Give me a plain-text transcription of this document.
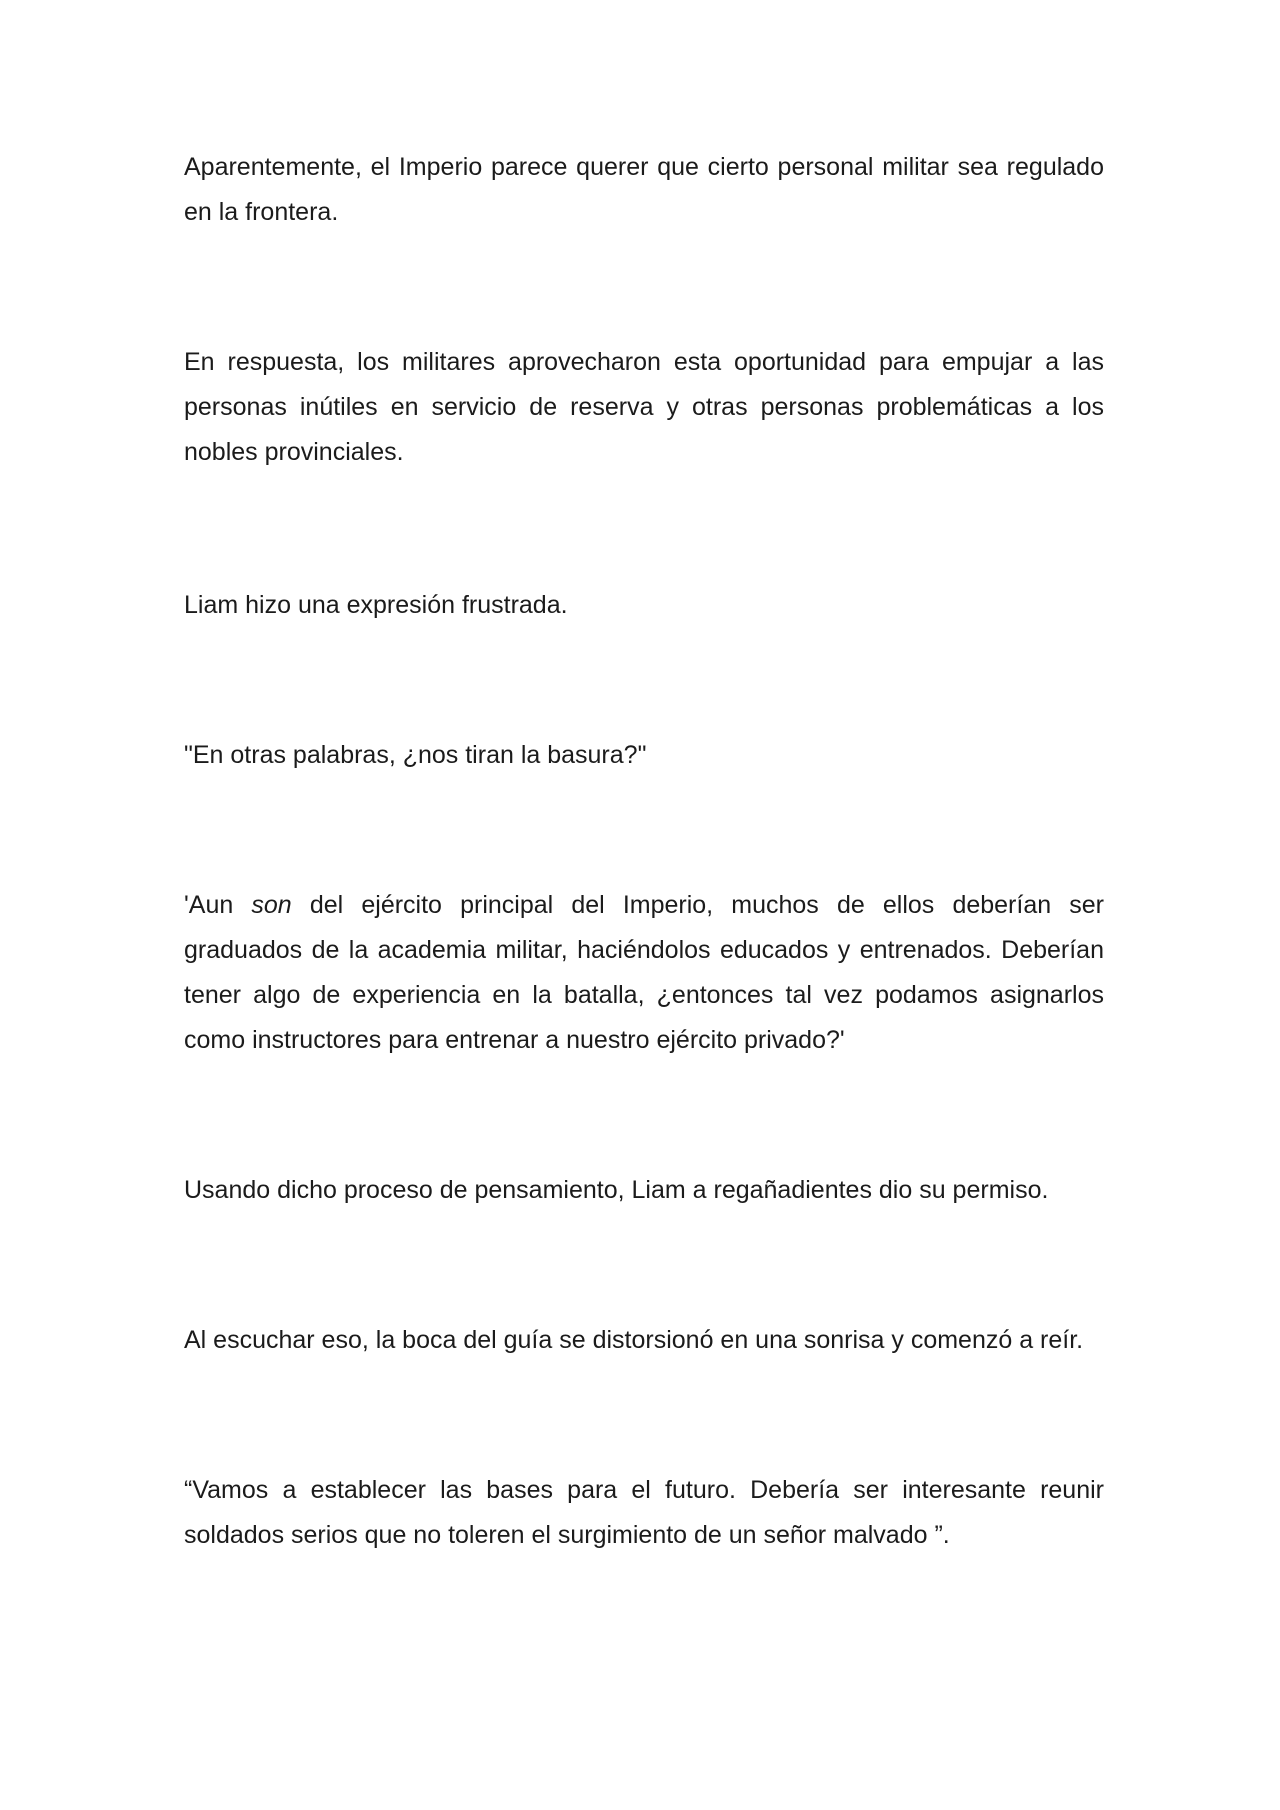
Aparentemente, el Imperio parece querer que cierto personal militar sea regulado en la frontera.

En respuesta, los militares aprovecharon esta oportunidad para empujar a las personas inútiles en servicio de reserva y otras personas problemáticas a los nobles provinciales.

Liam hizo una expresión frustrada.

"En otras palabras, ¿nos tiran la basura?"

'Aun son del ejército principal del Imperio, muchos de ellos deberían ser graduados de la academia militar, haciéndolos educados y entrenados. Deberían tener algo de experiencia en la batalla, ¿entonces tal vez podamos asignarlos como instructores para entrenar a nuestro ejército privado?'

Usando dicho proceso de pensamiento, Liam a regañadientes dio su permiso.

Al escuchar eso, la boca del guía se distorsionó en una sonrisa y comenzó a reír.

“Vamos a establecer las bases para el futuro. Debería ser interesante reunir soldados serios que no toleren el surgimiento de un señor malvado ”.
